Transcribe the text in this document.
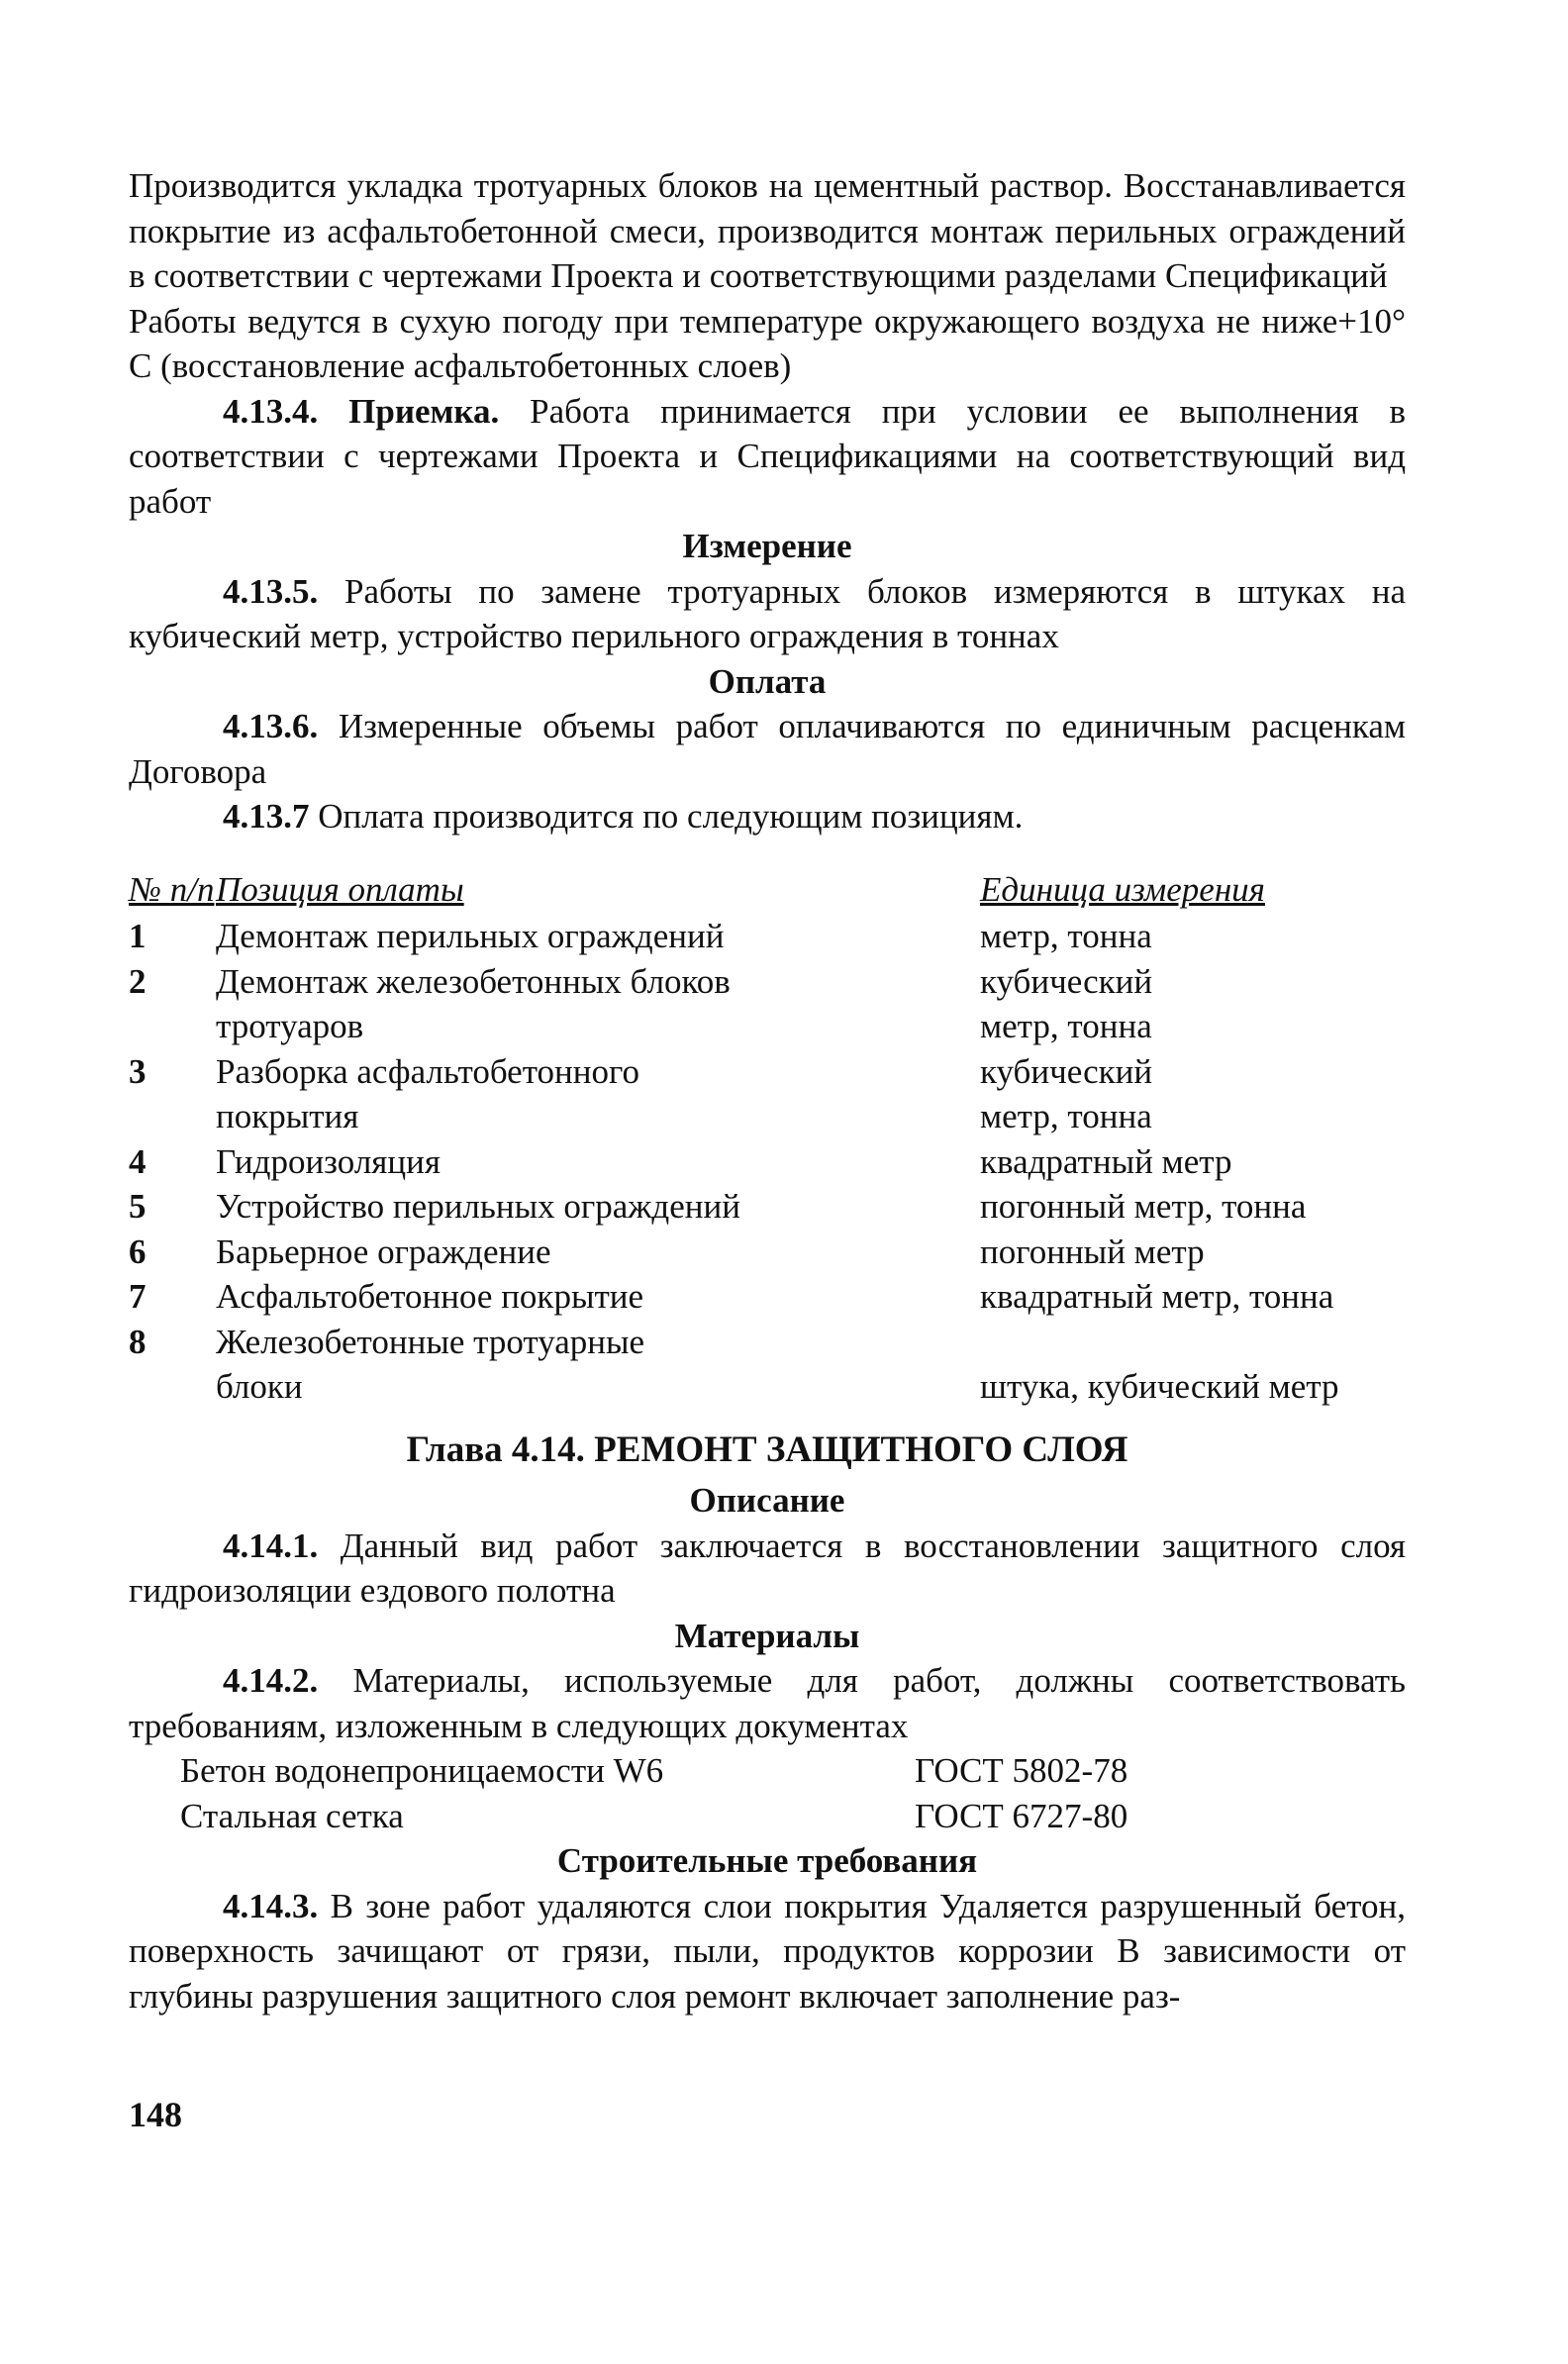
Производится укладка тротуарных блоков на цементный раствор. Восстанавливается покрытие из асфальтобетонной смеси, производится монтаж перильных ограждений в соответствии с чертежами Проекта и соответствующими разделами Спецификаций

Работы ведутся в сухую погоду при температуре окружающего воздуха не ниже+10° С (восстановление асфальтобетонных слоев)

4.13.4. Приемка. Работа принимается при условии ее выполнения в соответствии с чертежами Проекта и Спецификациями на соответствующий вид работ

Измерение

4.13.5. Работы по замене тротуарных блоков измеряются в штуках на кубический метр, устройство перильного ограждения в тоннах

Оплата

4.13.6. Измеренные объемы работ оплачиваются по единичным расценкам Договора

4.13.7 Оплата производится по следующим позициям.

№ п/п Позиция оплаты	Единица измерения
1	Демонтаж перильных ограждений	метр, тонна
2	Демонтаж железобетонных блоков	кубический
тротуаров	метр, тонна
3	Разборка асфальтобетонного	кубический
покрытия	метр, тонна
4	Гидроизоляция	квадратный метр
5	Устройство перильных ограждений	погонный метр, тонна
6	Барьерное ограждение	погонный метр
7	Асфальтобетонное покрытие	квадратный метр, тонна
8	Железобетонные тротуарные
блоки	штука, кубический метр

Глава 4.14. РЕМОНТ ЗАЩИТНОГО СЛОЯ

Описание

4.14.1. Данный вид работ заключается в восстановлении защитного слоя гидроизоляции ездового полотна

Материалы

4.14.2. Материалы, используемые для работ, должны соответствовать требованиям, изложенным в следующих документах

Бетон водонепроницаемости W6	ГОСТ 5802-78
Стальная сетка	ГОСТ 6727-80

Строительные требования

4.14.3. В зоне работ удаляются слои покрытия Удаляется разрушенный бетон, поверхность зачищают от грязи, пыли, продуктов коррозии В зависимости от глубины разрушения защитного слоя ремонт включает заполнение раз-

148
